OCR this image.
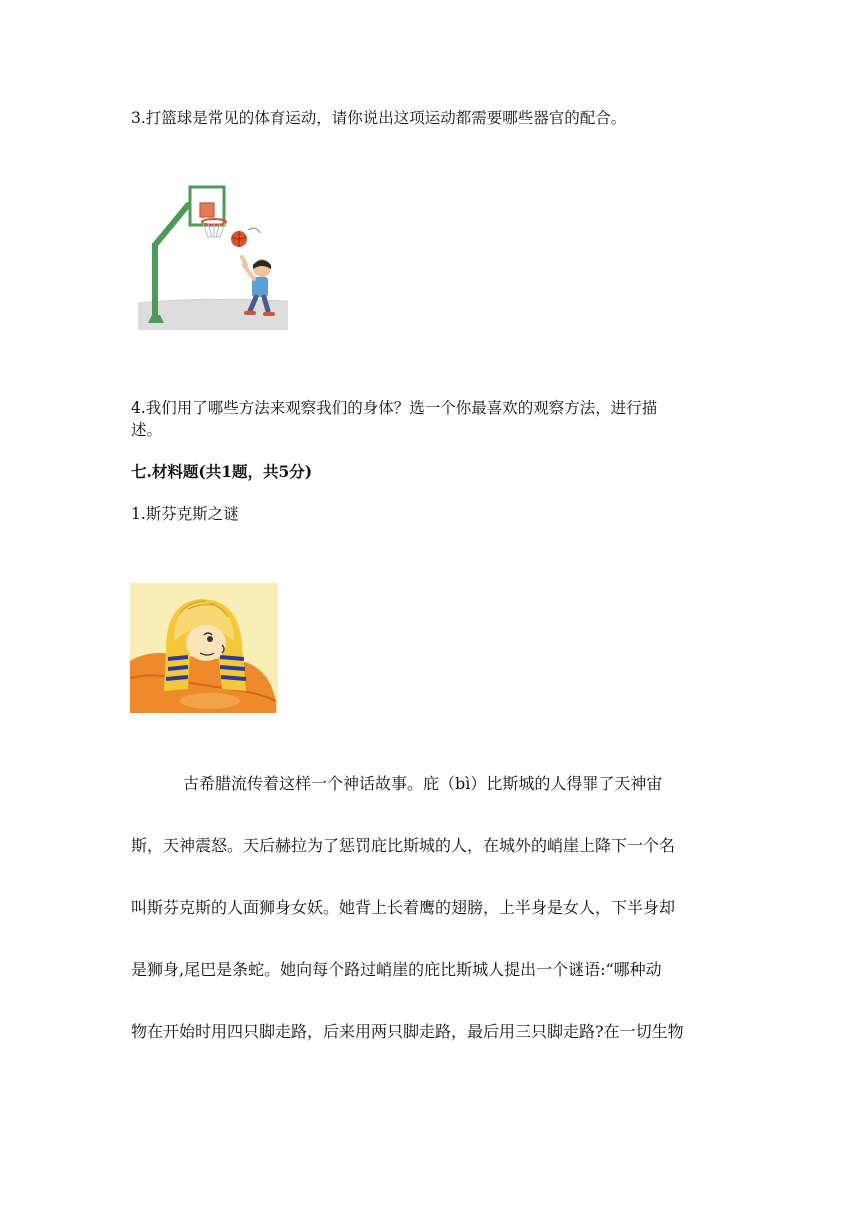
3.打篮球是常见的体育运动，请你说出这项运动都需要哪些器官的配合。
4.我们用了哪些方法来观察我们的身体？选一个你最喜欢的观察方法，进行描
述。
七.材料题(共1题，共5分)
1.斯芬克斯之谜
古希腊流传着这样一个神话故事。庇（bì）比斯城的人得罪了天神宙
斯，天神震怒。天后赫拉为了惩罚庇比斯城的人，在城外的峭崖上降下一个名
叫斯芬克斯的人面狮身女妖。她背上长着鹰的翅膀，上半身是女人，下半身却
是狮身,尾巴是条蛇。她向每个路过峭崖的庇比斯城人提出一个谜语:“哪种动
物在开始时用四只脚走路，后来用两只脚走路，最后用三只脚走路?在一切生物
